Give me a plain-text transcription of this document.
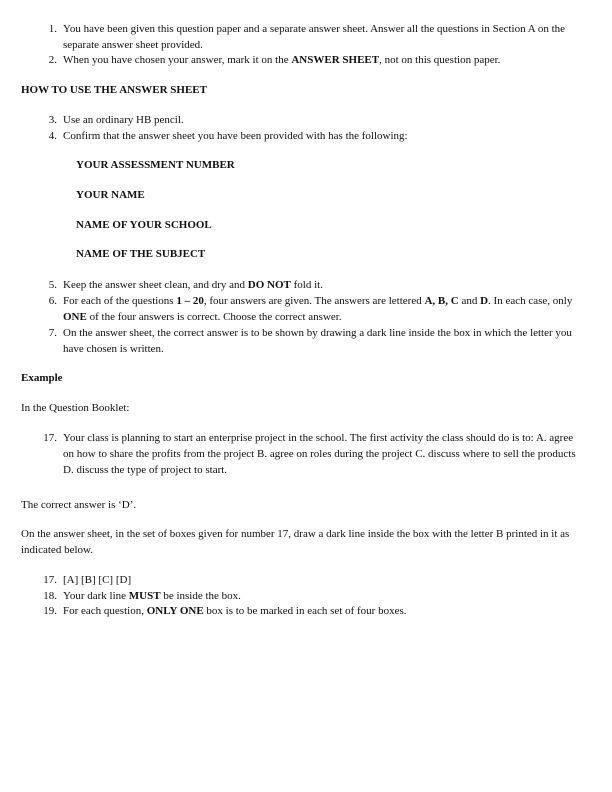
1. You have been given this question paper and a separate answer sheet. Answer all the questions in Section A on the separate answer sheet provided.
2. When you have chosen your answer, mark it on the ANSWER SHEET, not on this question paper.
HOW TO USE THE ANSWER SHEET
3. Use an ordinary HB pencil.
4. Confirm that the answer sheet you have been provided with has the following:
YOUR ASSESSMENT NUMBER
YOUR NAME
NAME OF YOUR SCHOOL
NAME OF THE SUBJECT
5. Keep the answer sheet clean, and dry and DO NOT fold it.
6. For each of the questions 1 – 20, four answers are given. The answers are lettered A, B, C and D. In each case, only ONE of the four answers is correct. Choose the correct answer.
7. On the answer sheet, the correct answer is to be shown by drawing a dark line inside the box in which the letter you have chosen is written.
Example
In the Question Booklet:
17. Your class is planning to start an enterprise project in the school. The first activity the class should do is to: A. agree on how to share the profits from the project B. agree on roles during the project C. discuss where to sell the products D. discuss the type of project to start.
The correct answer is ‘D’.
On the answer sheet, in the set of boxes given for number 17, draw a dark line inside the box with the letter B printed in it as indicated below.
17. [A] [B] [C] [D]
18. Your dark line MUST be inside the box.
19. For each question, ONLY ONE box is to be marked in each set of four boxes.
